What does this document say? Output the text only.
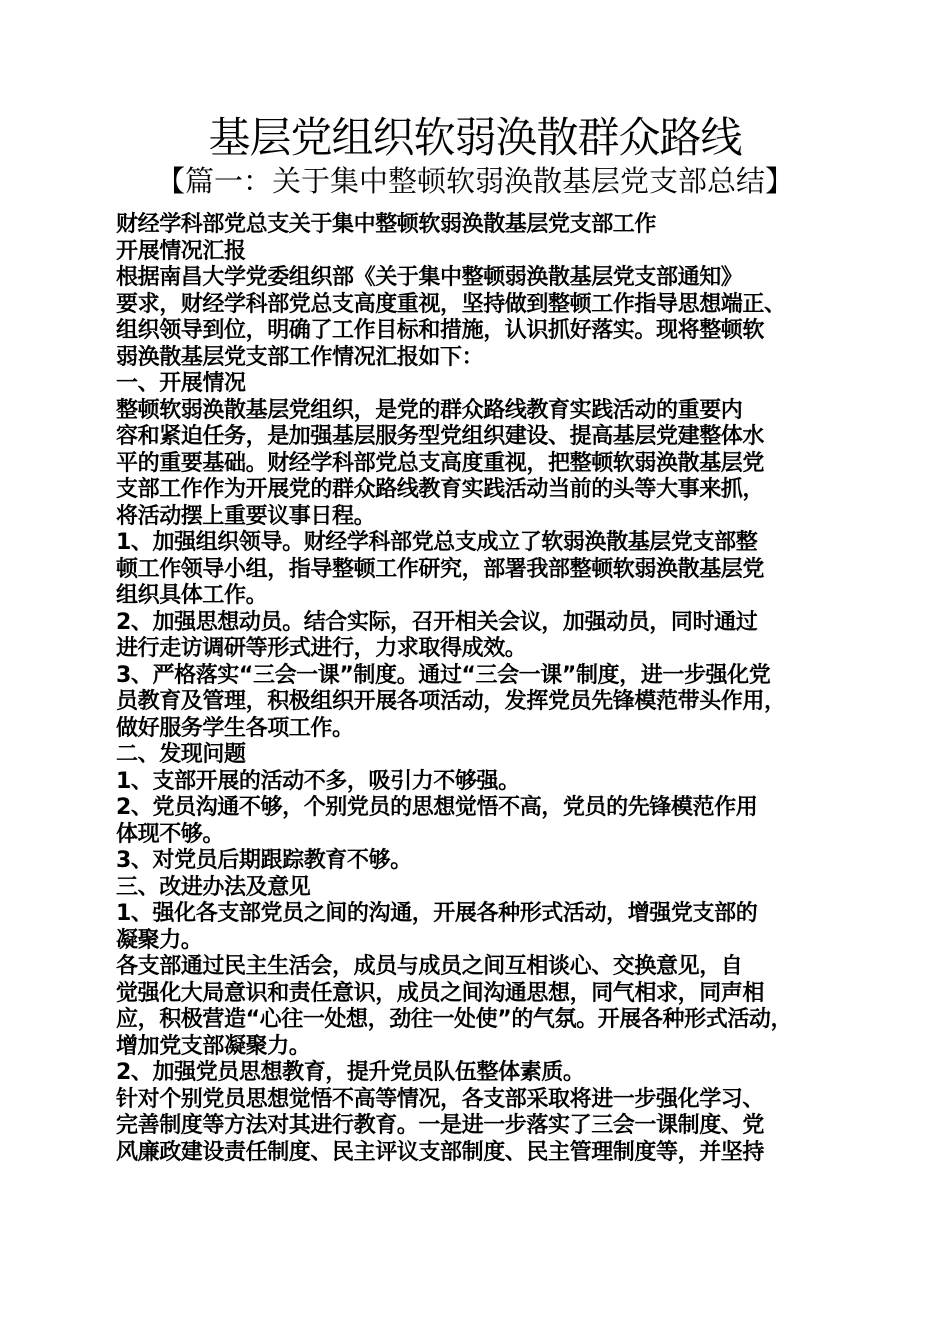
基层党组织软弱涣散群众路线
【篇一：关于集中整顿软弱涣散基层党支部总结】
财经学科部党总支关于集中整顿软弱涣散基层党支部工作
开展情况汇报
根据南昌大学党委组织部《关于集中整顿弱涣散基层党支部通知》
要求，财经学科部党总支高度重视，坚持做到整顿工作指导思想端正、
组织领导到位，明确了工作目标和措施，认识抓好落实。现将整顿软
弱涣散基层党支部工作情况汇报如下：
一、开展情况
整顿软弱涣散基层党组织，是党的群众路线教育实践活动的重要内
容和紧迫任务，是加强基层服务型党组织建设、提高基层党建整体水
平的重要基础。财经学科部党总支高度重视，把整顿软弱涣散基层党
支部工作作为开展党的群众路线教育实践活动当前的头等大事来抓，
将活动摆上重要议事日程。
1、加强组织领导。财经学科部党总支成立了软弱涣散基层党支部整
顿工作领导小组，指导整顿工作研究，部署我部整顿软弱涣散基层党
组织具体工作。
2、加强思想动员。结合实际，召开相关会议，加强动员，同时通过
进行走访调研等形式进行，力求取得成效。
3、严格落实“三会一课”制度。通过“三会一课”制度，进一步强化党
员教育及管理，积极组织开展各项活动，发挥党员先锋模范带头作用，
做好服务学生各项工作。
二、发现问题
1、支部开展的活动不多，吸引力不够强。
2、党员沟通不够，个别党员的思想觉悟不高，党员的先锋模范作用
体现不够。
3、对党员后期跟踪教育不够。
三、改进办法及意见
1、强化各支部党员之间的沟通，开展各种形式活动，增强党支部的
凝聚力。
各支部通过民主生活会，成员与成员之间互相谈心、交换意见，自
觉强化大局意识和责任意识，成员之间沟通思想，同气相求，同声相
应，积极营造“心往一处想，劲往一处使”的气氛。开展各种形式活动，
增加党支部凝聚力。
2、加强党员思想教育，提升党员队伍整体素质。
针对个别党员思想觉悟不高等情况，各支部采取将进一步强化学习、
完善制度等方法对其进行教育。一是进一步落实了三会一课制度、党
风廉政建设责任制度、民主评议支部制度、民主管理制度等，并坚持
